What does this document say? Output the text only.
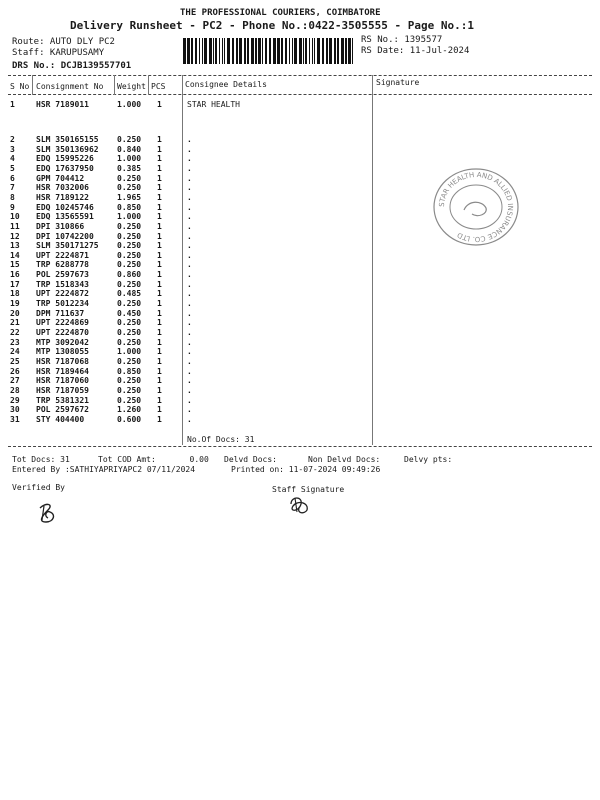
THE PROFESSIONAL COURIERS, COIMBATORE
Delivery Runsheet - PC2 - Phone No.:0422-3505555 - Page No.:1
Route: AUTO DLY PC2
Staff: KARUPUSAMY
DRS No.: DCJB139557701
RS No.: 1395577
RS Date: 11-Jul-2024
S No Consignment No Weight PCS Consignee Details	Signature
1	HSR 7189011	1.000 1	STAR HEALTH
2	SLM 350165155 0.250 1	.
3	SLM 350136962 0.840 1	.
4	EDQ 15995226	1.000 1	.
5	EDQ 17637950	0.385 1	.
6	GPM 704412	0.250 1	.
7	HSR 7032006	0.250 1	.
8	HSR 7189122	1.965 1	.
9	EDQ 10245746	0.850 1	.
10 EDQ 13565591	1.000 1	.
11 DPI 310866	0.250 1	.
12 DPI 10742200	0.250 1	.
13 SLM 350171275 0.250 1	.
14 UPT 2224871	0.250 1	.
15 TRP 6288778	0.250 1	.
16 POL 2597673	0.860 1	.
17 TRP 1518343	0.250 1	.
18 UPT 2224872	0.485 1	.
19 TRP 5012234	0.250 1	.
20 DPM 711637	0.450 1	.
21 UPT 2224869	0.250 1	.
22 UPT 2224870	0.250 1	.
23 MTP 3092042	0.250 1	.
24 MTP 1308055	1.000 1	.
25 HSR 7187068	0.250 1	.
26 HSR 7189464	0.850 1	.
27 HSR 7187060	0.250 1	.
28 HSR 7187059	0.250 1	.
29 TRP 5381321	0.250 1	.
30 POL 2597672	1.260 1	.
31 STY 404400	0.600 1	.
No.Of Docs: 31
Tot Docs: 31	Tot COD Amt:       0.00 Delvd Docs:	Non Delvd Docs:	Delvy pts:
Entered By :SATHIYAPRIYAPC2 07/11/2024	Printed on: 11-07-2024 09:49:26
Verified By	Staff Signature
STAR HEALTH AND ALLIED INSURANCE CO. LTD
